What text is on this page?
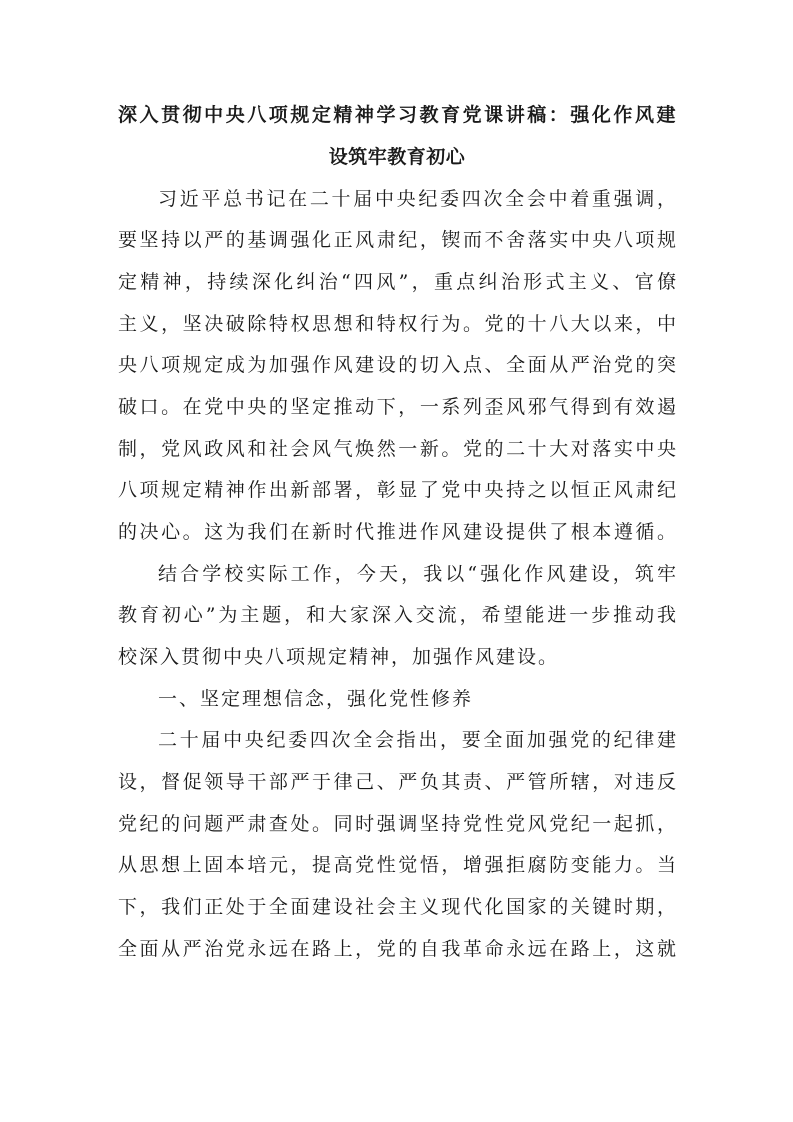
深入贯彻中央八项规定精神学习教育党课讲稿：强化作风建
设筑牢教育初心
习近平总书记在二十届中央纪委四次全会中着重强调，
要坚持以严的基调强化正风肃纪，锲而不舍落实中央八项规
定精神，持续深化纠治“四风”，重点纠治形式主义、官僚
主义，坚决破除特权思想和特权行为。党的十八大以来，中
央八项规定成为加强作风建设的切入点、全面从严治党的突
破口。在党中央的坚定推动下，一系列歪风邪气得到有效遏
制，党风政风和社会风气焕然一新。党的二十大对落实中央
八项规定精神作出新部署，彰显了党中央持之以恒正风肃纪
的决心。这为我们在新时代推进作风建设提供了根本遵循。
结合学校实际工作，今天，我以“强化作风建设，筑牢
教育初心”为主题，和大家深入交流，希望能进一步推动我
校深入贯彻中央八项规定精神，加强作风建设。
一、坚定理想信念，强化党性修养
二十届中央纪委四次全会指出，要全面加强党的纪律建
设，督促领导干部严于律己、严负其责、严管所辖，对违反
党纪的问题严肃查处。同时强调坚持党性党风党纪一起抓，
从思想上固本培元，提高党性觉悟，增强拒腐防变能力。当
下，我们正处于全面建设社会主义现代化国家的关键时期，
全面从严治党永远在路上，党的自我革命永远在路上，这就
